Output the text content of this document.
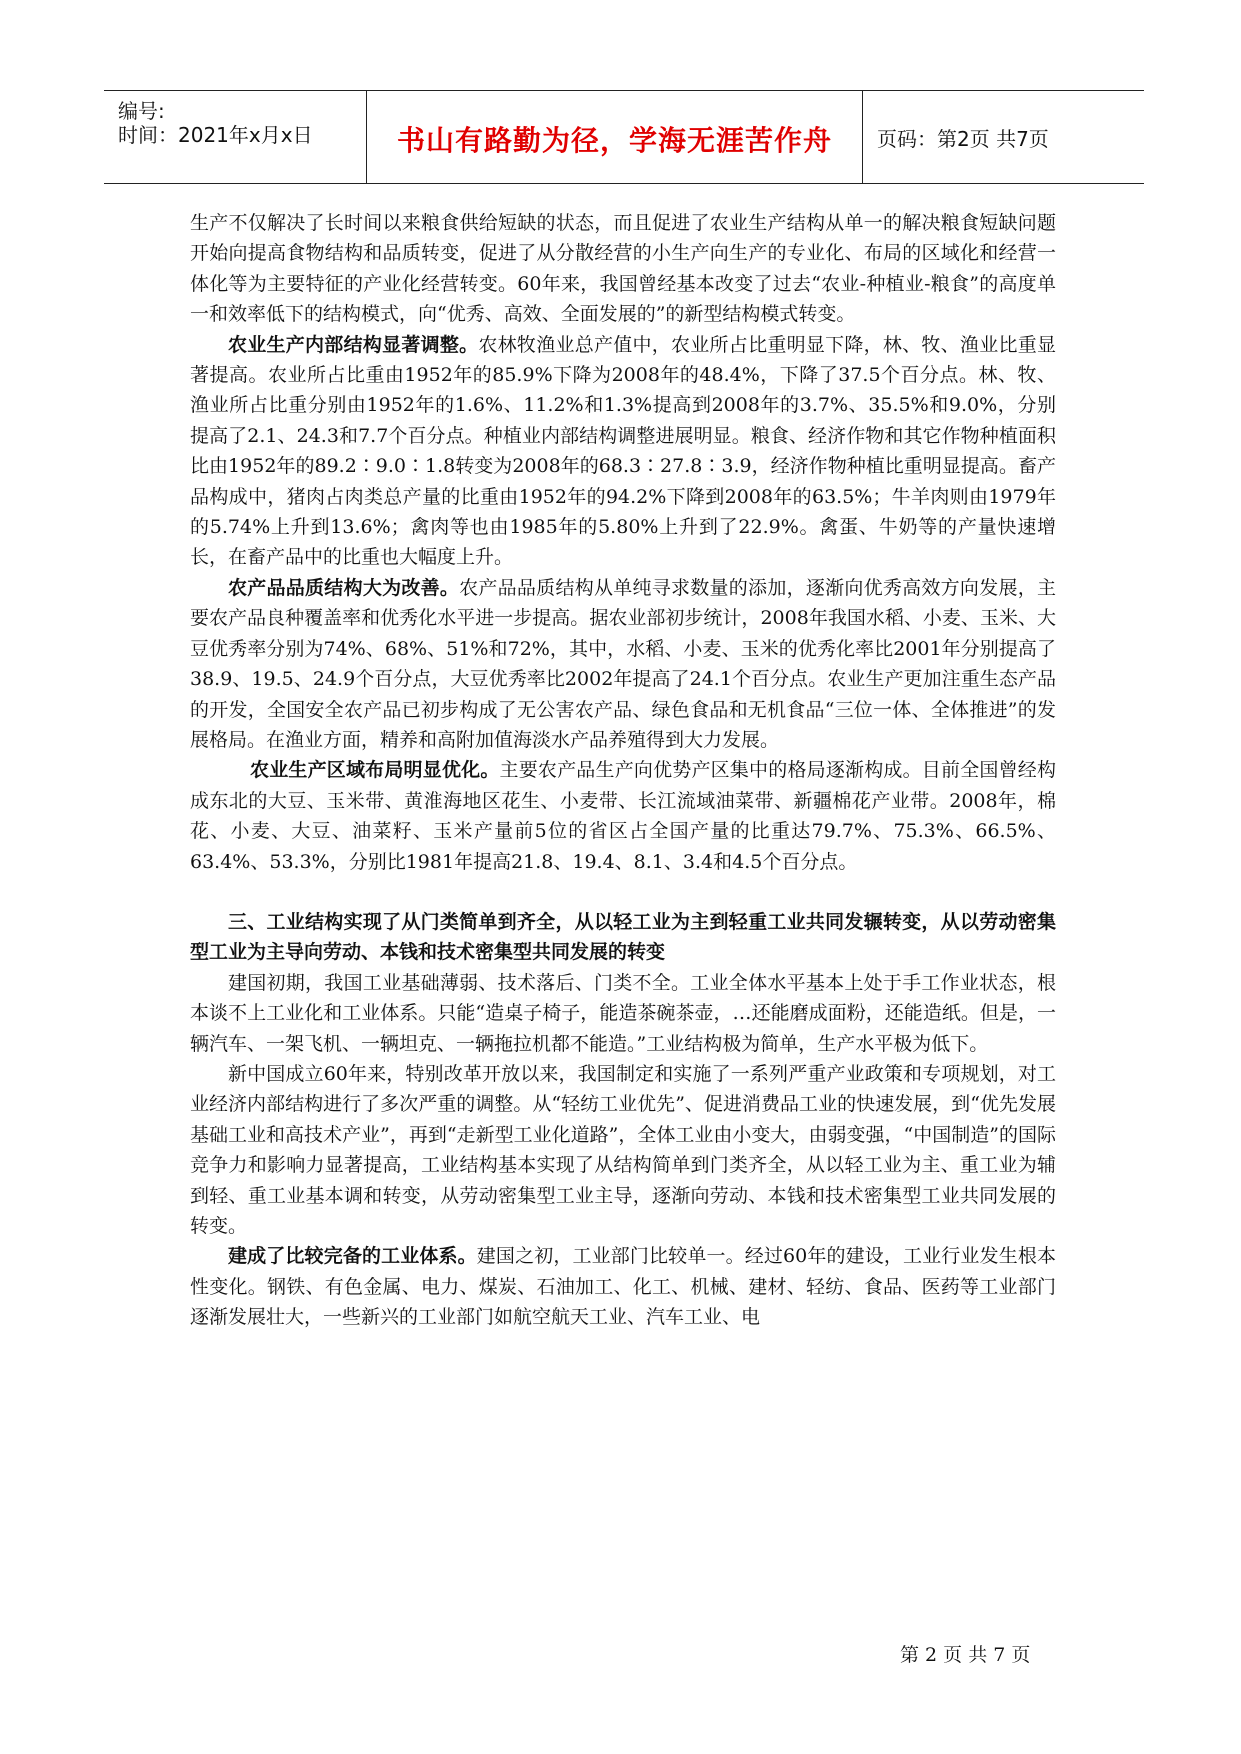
编号:
时间：2021年x月x日	书山有路勤为径，学海无涯苦作舟	页码：第2页 共7页

生产不仅解决了长时间以来粮食供给短缺的状态，而且促进了农业生产结构从单一的解决粮食短缺问题开始向提高食物结构和品质转变，促进了从分散经营的小生产向生产的专业化、布局的区域化和经营一体化等为主要特征的产业化经营转变。60年来，我国曾经基本改变了过去“农业-种植业-粮食”的高度单一和效率低下的结构模式，向“优秀、高效、全面发展的”的新型结构模式转变。

农业生产内部结构显著调整。农林牧渔业总产值中，农业所占比重明显下降，林、牧、渔业比重显著提高。农业所占比重由1952年的85.9%下降为2008年的48.4%，下降了37.5个百分点。林、牧、渔业所占比重分别由1952年的1.6%、11.2%和1.3%提高到2008年的3.7%、35.5%和9.0%，分别提高了2.1、24.3和7.7个百分点。种植业内部结构调整进展明显。粮食、经济作物和其它作物种植面积比由1952年的89.2∶9.0∶1.8转变为2008年的68.3∶27.8∶3.9，经济作物种植比重明显提高。畜产品构成中，猪肉占肉类总产量的比重由1952年的94.2%下降到2008年的63.5%；牛羊肉则由1979年的5.74%上升到13.6%；禽肉等也由1985年的5.80%上升到了22.9%。禽蛋、牛奶等的产量快速增长，在畜产品中的比重也大幅度上升。

农产品品质结构大为改善。农产品品质结构从单纯寻求数量的添加，逐渐向优秀高效方向发展，主要农产品良种覆盖率和优秀化水平进一步提高。据农业部初步统计，2008年我国水稻、小麦、玉米、大豆优秀率分别为74%、68%、51%和72%，其中，水稻、小麦、玉米的优秀化率比2001年分别提高了38.9、19.5、24.9个百分点，大豆优秀率比2002年提高了24.1个百分点。农业生产更加注重生态产品的开发，全国安全农产品已初步构成了无公害农产品、绿色食品和无机食品“三位一体、全体推进”的发展格局。在渔业方面，精养和高附加值海淡水产品养殖得到大力发展。

农业生产区域布局明显优化。主要农产品生产向优势产区集中的格局逐渐构成。目前全国曾经构成东北的大豆、玉米带、黄淮海地区花生、小麦带、长江流域油菜带、新疆棉花产业带。2008年，棉花、小麦、大豆、油菜籽、玉米产量前5位的省区占全国产量的比重达79.7%、75.3%、66.5%、63.4%、53.3%，分别比1981年提高21.8、19.4、8.1、3.4和4.5个百分点。

三、工业结构实现了从门类简单到齐全，从以轻工业为主到轻重工业共同发辗转变，从以劳动密集型工业为主导向劳动、本钱和技术密集型共同发展的转变

建国初期，我国工业基础薄弱、技术落后、门类不全。工业全体水平基本上处于手工作业状态，根本谈不上工业化和工业体系。只能“造桌子椅子，能造茶碗茶壶，…还能磨成面粉，还能造纸。但是，一辆汽车、一架飞机、一辆坦克、一辆拖拉机都不能造。”工业结构极为简单，生产水平极为低下。

新中国成立60年来，特别改革开放以来，我国制定和实施了一系列严重产业政策和专项规划，对工业经济内部结构进行了多次严重的调整。从“轻纺工业优先”、促进消费品工业的快速发展，到“优先发展基础工业和高技术产业”，再到“走新型工业化道路”，全体工业由小变大，由弱变强，“中国制造”的国际竞争力和影响力显著提高，工业结构基本实现了从结构简单到门类齐全，从以轻工业为主、重工业为辅到轻、重工业基本调和转变，从劳动密集型工业主导，逐渐向劳动、本钱和技术密集型工业共同发展的转变。

建成了比较完备的工业体系。建国之初，工业部门比较单一。经过60年的建设，工业行业发生根本性变化。钢铁、有色金属、电力、煤炭、石油加工、化工、机械、建材、轻纺、食品、医药等工业部门逐渐发展壮大，一些新兴的工业部门如航空航天工业、汽车工业、电

第 2 页 共 7 页
